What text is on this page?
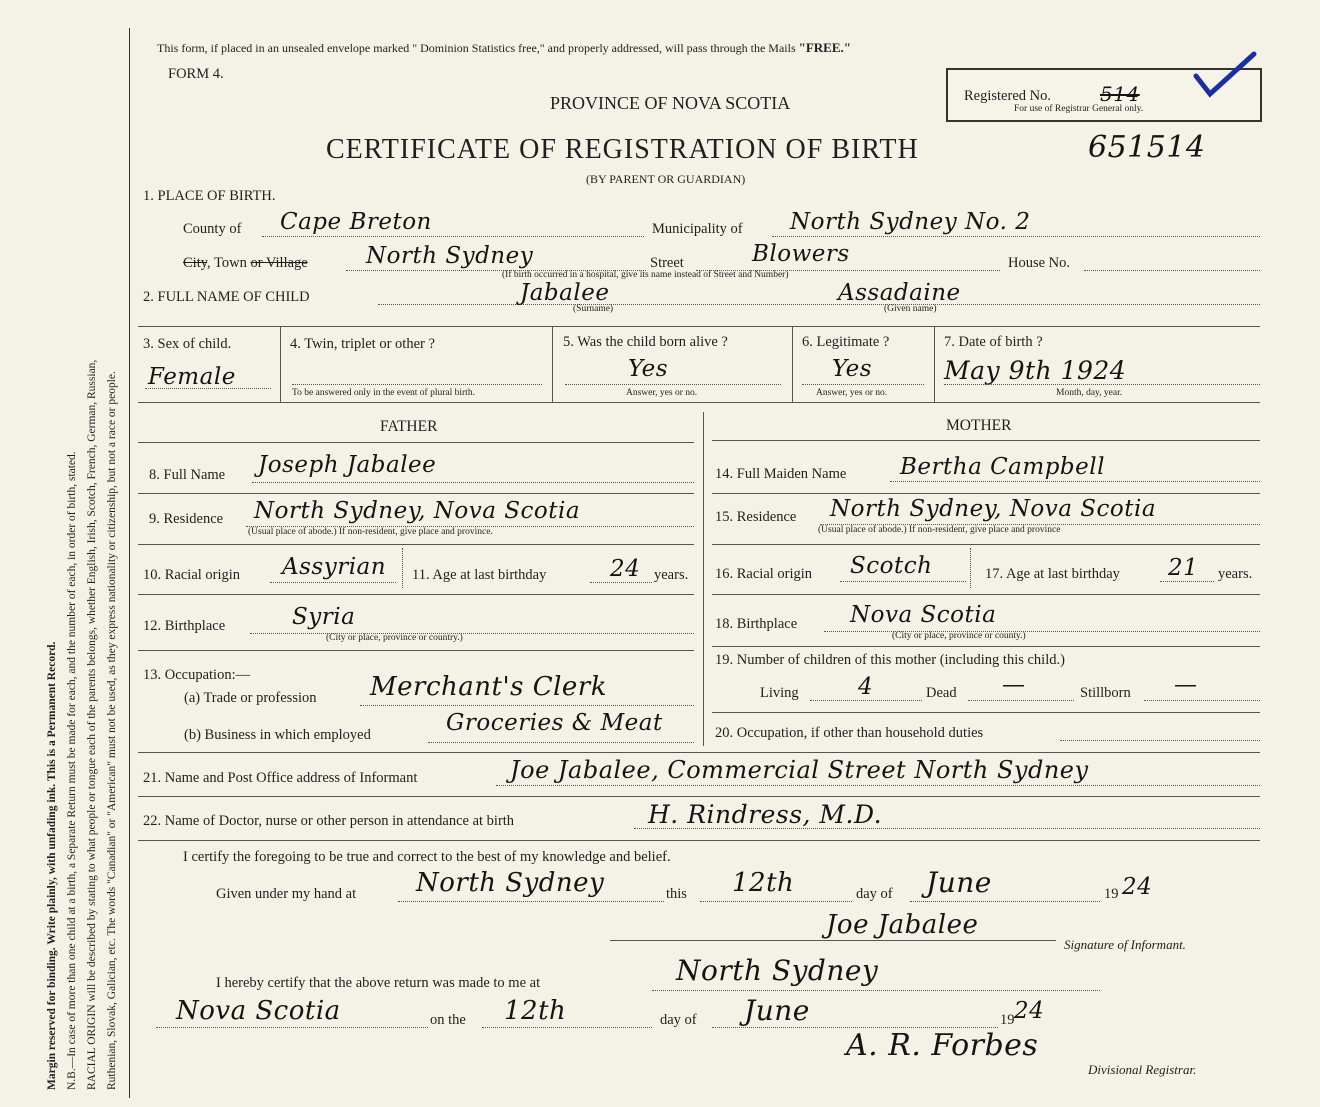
Margin reserved for binding. Write plainly, with unfading ink. This is a Permanent Record. N.B.—In case of more than one child at a birth, a Separate Return must be made for each, and the number of each, in order of birth, stated. RACIAL ORIGIN will be described by stating to what people or tongue each of the parents belongs, whether English, Irish, Scotch, French, German, Russian, Ruthenian, Slovak, Galician, etc. The words "Canadian" or "American" must not be used, as they express nationality or citizenship, but not a race or people.
This form, if placed in an unsealed envelope marked " Dominion Statistics free," and properly addressed, will pass through the Mails "FREE."
FORM 4.
PROVINCE OF NOVA SCOTIA
CERTIFICATE OF REGISTRATION OF BIRTH	651514
(BY PARENT OR GUARDIAN)
Registered No. 514
For use of Registrar General only.
1. PLACE OF BIRTH.
County of Cape Breton	Municipality of North Sydney No. 2
City, Town or Village	North Sydney	Street	Blowers	House No.
(If birth occurred in a hospital, give its name instead of Street and Number)
2. FULL NAME OF CHILD	Jabalee
(Surname)
Assadaine
(Given name)
3. Sex of child.
Female
4. Twin, triplet or other ?
To be answered only in the event of plural birth.
5. Was the child born alive ?
Yes
Answer, yes or no.
6. Legitimate ?
Yes
Answer, yes or no.
7. Date of birth ?
May 9th 1924
Month, day, year.
FATHER	MOTHER
8. Full Name Joseph Jabalee
9. Residence North Sydney, Nova Scotia
(Usual place of abode.) If non-resident, give place and province.
10. Racial origin Assyrian 11. Age at last birthday	24 years.
12. Birthplace	Syria
(City or place, province or country.)
13. Occupation:—
(a) Trade or profession Merchant's Clerk
(b) Business in which employed	Groceries & Meat
14. Full Maiden Name Bertha Campbell
15. Residence North Sydney, Nova Scotia
(Usual place of abode.) If non-resident, give place and province
16. Racial origin Scotch	17. Age at last birthday 21 years.
18. Birthplace Nova Scotia
(City or place, province or county.)
19. Number of children of this mother (including this child.)
Living	4	Dead —	Stillborn —
20. Occupation, if other than household duties
21. Name and Post Office address of Informant	Joe Jabalee, Commercial Street North Sydney
22. Name of Doctor, nurse or other person in attendance at birth	H. Rindress, M.D.
I certify the foregoing to be true and correct to the best of my knowledge and belief.
Given under my hand at North Sydney	this 12th	day of June	19 24
Joe Jabalee
Signature of Informant.
I hereby certify that the above return was made to me at	North Sydney
Nova Scotia	on the 12th	day of June	19 24
A. R. Forbes
Divisional Registrar.
